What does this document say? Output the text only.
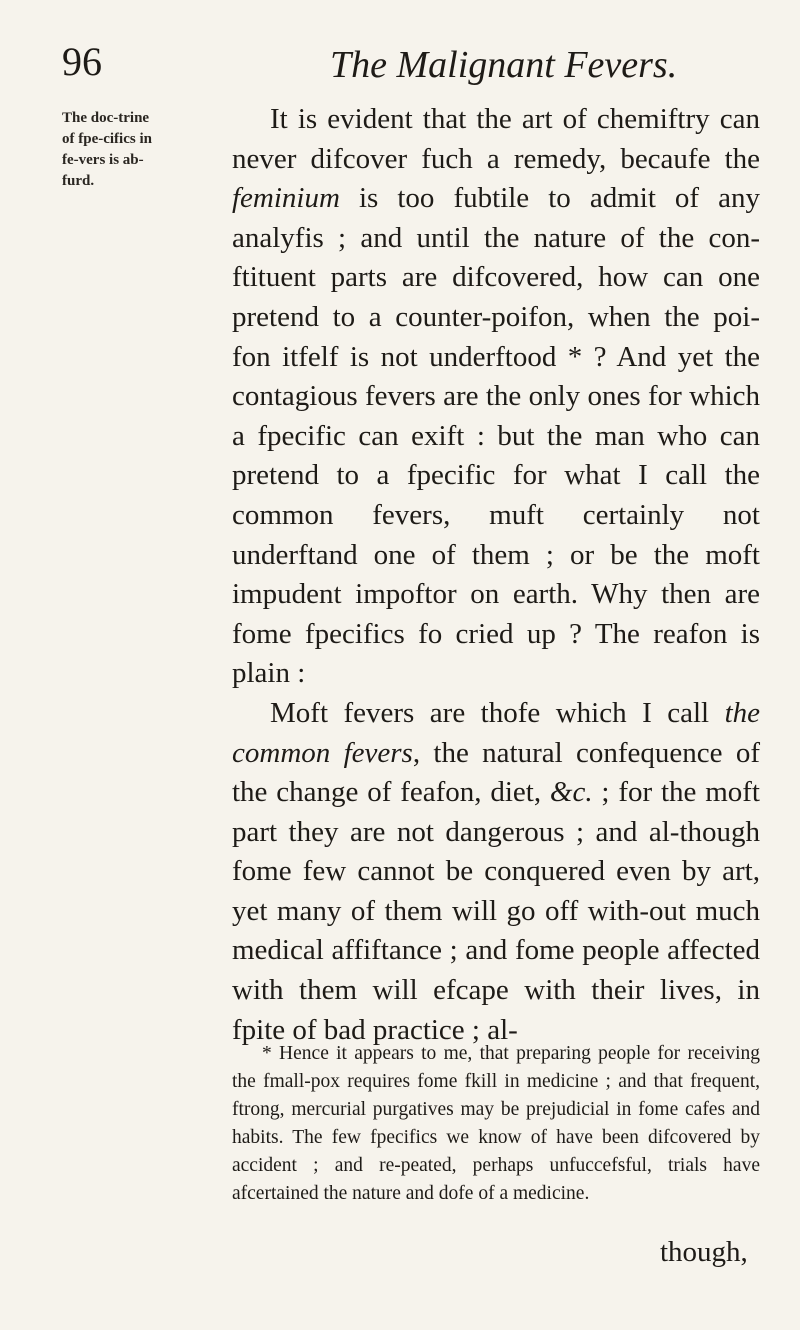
96	The Malignant Fevers.
The doc-trine of fpe-cifics in fe-vers is ab-furd.

It is evident that the art of chemiftry can never difcover fuch a remedy, becaufe the feminium is too fubtile to admit of any analyfis ; and until the nature of the con-ftituent parts are difcovered, how can one pretend to a counter-poifon, when the poi-fon itfelf is not underftood * ? And yet the contagious fevers are the only ones for which a fpecific can exift : but the man who can pretend to a fpecific for what I call the common fevers, muft certainly not underftand one of them ; or be the moft impudent impoftor on earth. Why then are fome fpecifics fo cried up ? The reafon is plain :

Moft fevers are thofe which I call the common fevers, the natural confequence of the change of feafon, diet, &c. ; for the moft part they are not dangerous ; and al-though fome few cannot be conquered even by art, yet many of them will go off with-out much medical affiftance ; and fome people affected with them will efcape with their lives, in fpite of bad practice ; al-

* Hence it appears to me, that preparing people for receiving the fmall-pox requires fome fkill in medicine ; and that frequent, ftrong, mercurial purgatives may be prejudicial in fome cafes and habits. The few fpecifics we know of have been difcovered by accident ; and re-peated, perhaps unfuccefsful, trials have afcertained the nature and dofe of a medicine.
though,
